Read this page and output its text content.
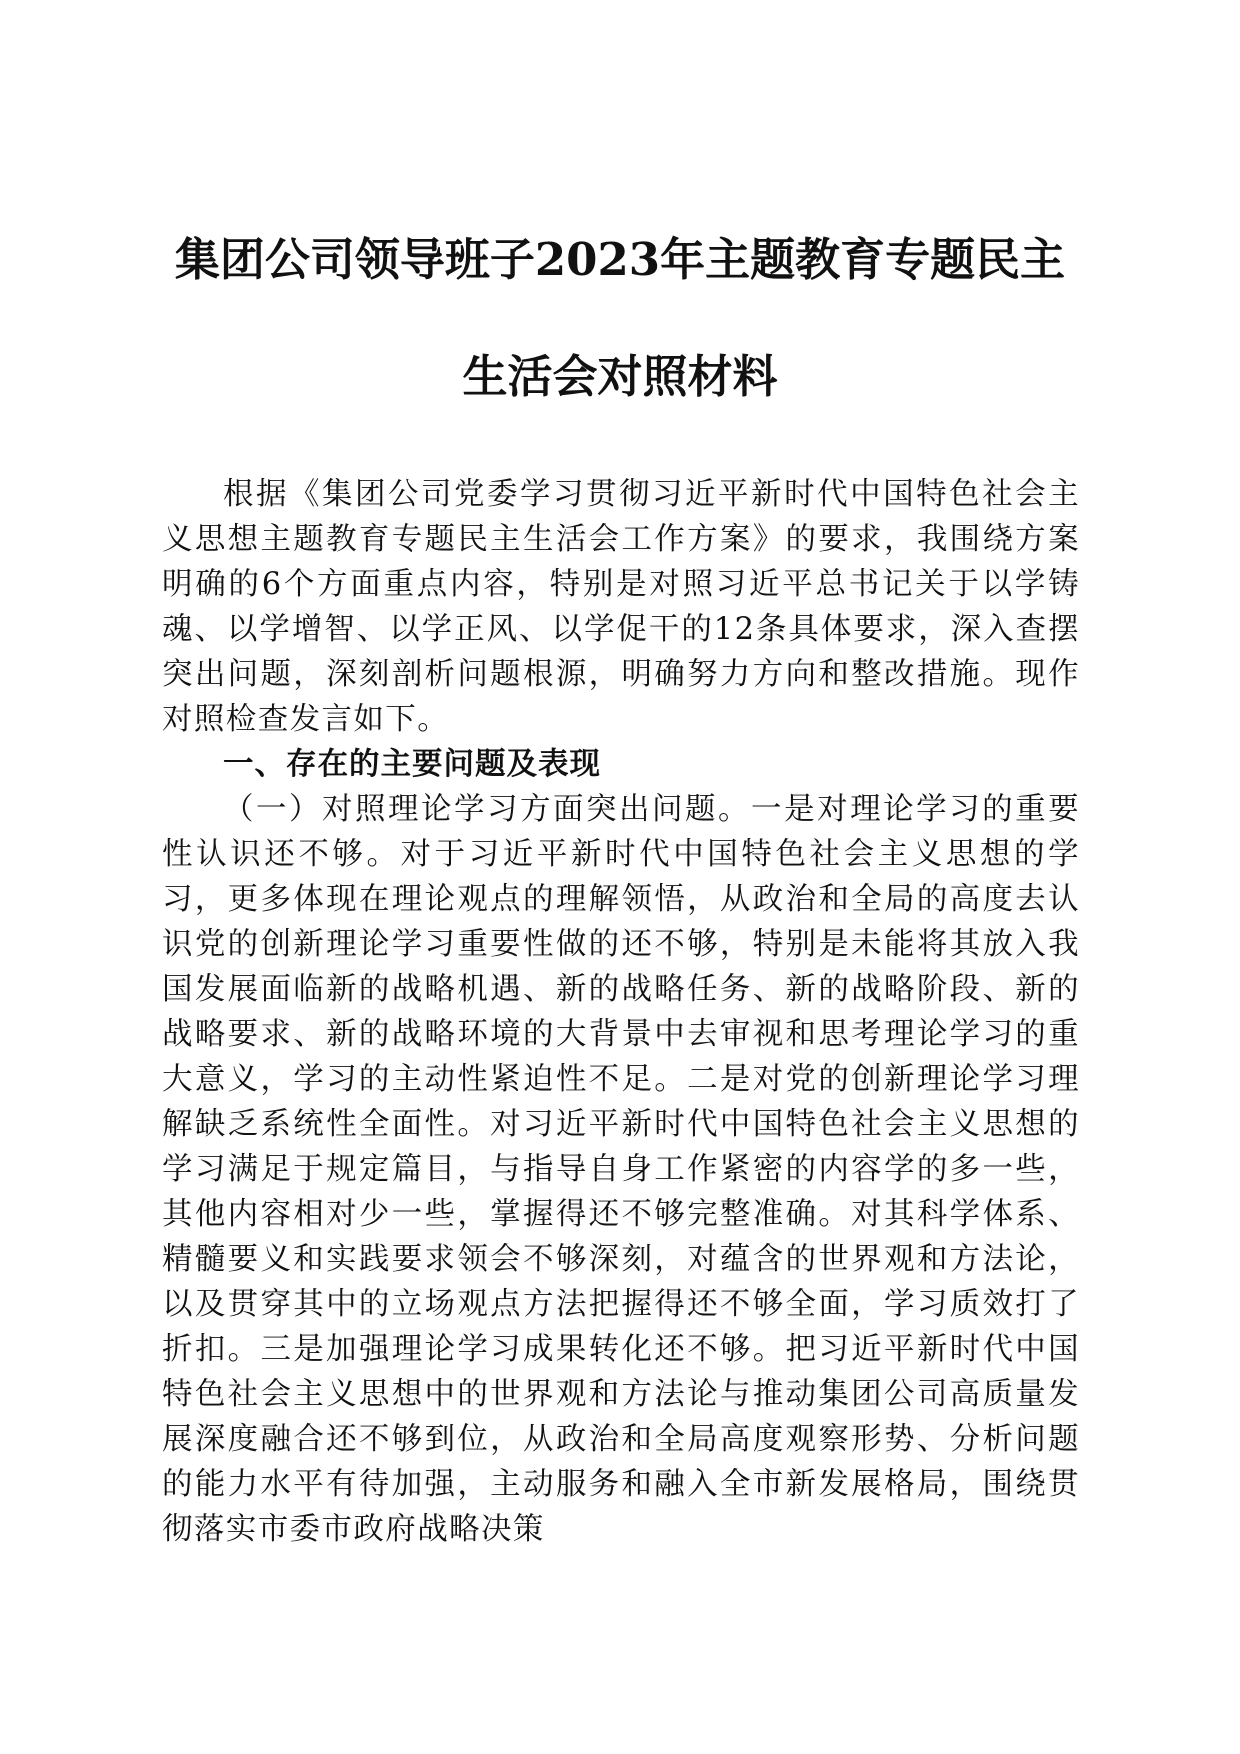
集团公司领导班子2023年主题教育专题民主
生活会对照材料

根据《集团公司党委学习贯彻习近平新时代中国特色社会主义思想主题教育专题民主生活会工作方案》的要求，我围绕方案明确的6个方面重点内容，特别是对照习近平总书记关于以学铸魂、以学增智、以学正风、以学促干的12条具体要求，深入查摆突出问题，深刻剖析问题根源，明确努力方向和整改措施。现作对照检查发言如下。

一、存在的主要问题及表现

（一）对照理论学习方面突出问题。一是对理论学习的重要性认识还不够。对于习近平新时代中国特色社会主义思想的学习，更多体现在理论观点的理解领悟，从政治和全局的高度去认识党的创新理论学习重要性做的还不够，特别是未能将其放入我国发展面临新的战略机遇、新的战略任务、新的战略阶段、新的战略要求、新的战略环境的大背景中去审视和思考理论学习的重大意义，学习的主动性紧迫性不足。二是对党的创新理论学习理解缺乏系统性全面性。对习近平新时代中国特色社会主义思想的学习满足于规定篇目，与指导自身工作紧密的内容学的多一些，其他内容相对少一些，掌握得还不够完整准确。对其科学体系、精髓要义和实践要求领会不够深刻，对蕴含的世界观和方法论，以及贯穿其中的立场观点方法把握得还不够全面，学习质效打了折扣。三是加强理论学习成果转化还不够。把习近平新时代中国特色社会主义思想中的世界观和方法论与推动集团公司高质量发展深度融合还不够到位，从政治和全局高度观察形势、分析问题的能力水平有待加强，主动服务和融入全市新发展格局，围绕贯彻落实市委市政府战略决策
